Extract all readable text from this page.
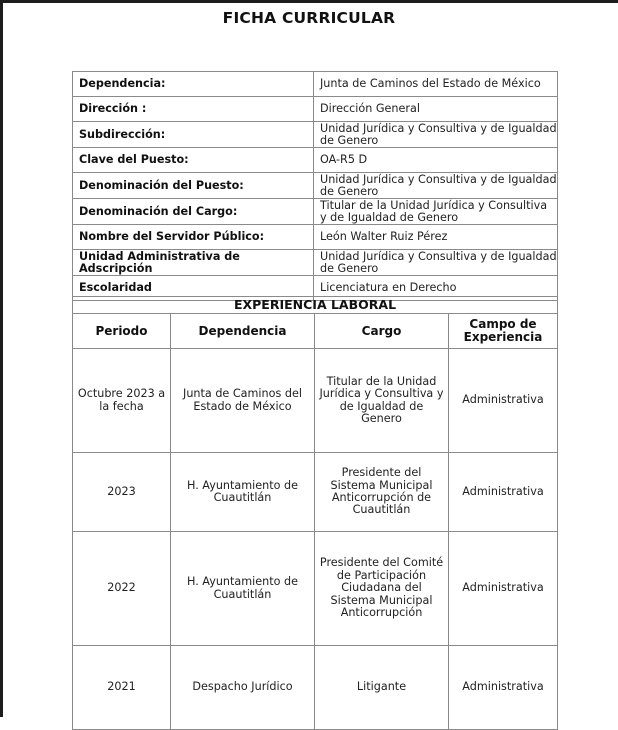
FICHA CURRICULAR
Dependencia:	Junta de Caminos del Estado de México
Dirección :	Dirección General
Subdirección:	Unidad Jurídica y Consultiva y de Igualdad de Genero
Clave del Puesto:	OA-R5 D
Denominación del Puesto:	Unidad Jurídica y Consultiva y de Igualdad de Genero
Denominación del Cargo:	Titular de la Unidad Jurídica y Consultiva y de Igualdad de Genero
Nombre del Servidor Público:	León Walter Ruiz Pérez
Unidad Administrativa de Adscripción	Unidad Jurídica y Consultiva y de Igualdad de Genero
Escolaridad	Licenciatura en Derecho
EXPERIENCIA LABORAL			
Periodo	Dependencia	Cargo	Campo de Experiencia

Octubre 2023 a la fecha	Junta de Caminos del Estado de México	Titular de la Unidad Jurídica y Consultiva y de Igualdad de Genero	Administrativa
2023	H. Ayuntamiento de Cuautitlán	Presidente del Sistema Municipal Anticorrupción de Cuautitlán	Administrativa
2022	H. Ayuntamiento de Cuautitlán	Presidente del Comité de Participación Ciudadana del Sistema Municipal Anticorrupción	Administrativa
2021	Despacho Jurídico	Litigante	Administrativa
